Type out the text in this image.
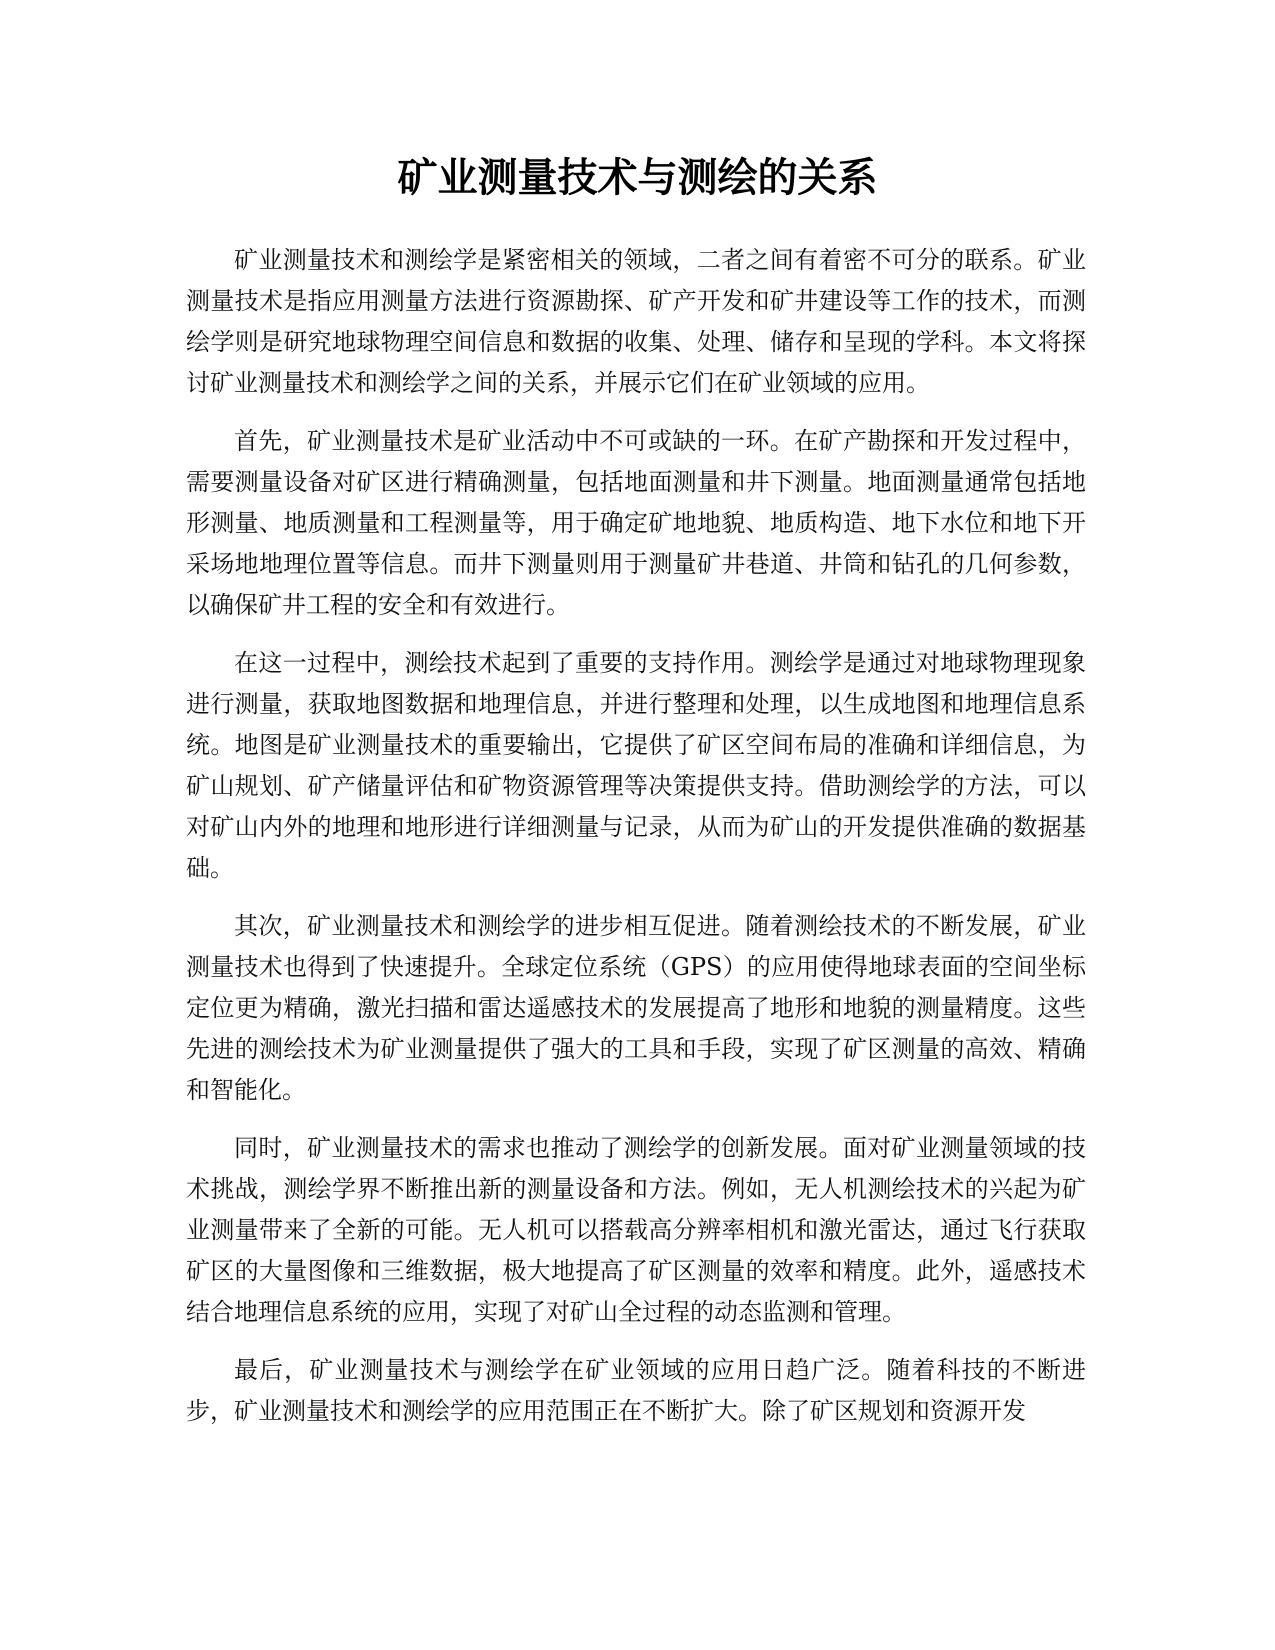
矿业测量技术与测绘的关系

矿业测量技术和测绘学是紧密相关的领域，二者之间有着密不可分的联系。矿业测量技术是指应用测量方法进行资源勘探、矿产开发和矿井建设等工作的技术，而测绘学则是研究地球物理空间信息和数据的收集、处理、储存和呈现的学科。本文将探讨矿业测量技术和测绘学之间的关系，并展示它们在矿业领域的应用。

首先，矿业测量技术是矿业活动中不可或缺的一环。在矿产勘探和开发过程中，需要测量设备对矿区进行精确测量，包括地面测量和井下测量。地面测量通常包括地形测量、地质测量和工程测量等，用于确定矿地地貌、地质构造、地下水位和地下开采场地地理位置等信息。而井下测量则用于测量矿井巷道、井筒和钻孔的几何参数，以确保矿井工程的安全和有效进行。

在这一过程中，测绘技术起到了重要的支持作用。测绘学是通过对地球物理现象进行测量，获取地图数据和地理信息，并进行整理和处理，以生成地图和地理信息系统。地图是矿业测量技术的重要输出，它提供了矿区空间布局的准确和详细信息，为矿山规划、矿产储量评估和矿物资源管理等决策提供支持。借助测绘学的方法，可以对矿山内外的地理和地形进行详细测量与记录，从而为矿山的开发提供准确的数据基础。

其次，矿业测量技术和测绘学的进步相互促进。随着测绘技术的不断发展，矿业测量技术也得到了快速提升。全球定位系统（GPS）的应用使得地球表面的空间坐标定位更为精确，激光扫描和雷达遥感技术的发展提高了地形和地貌的测量精度。这些先进的测绘技术为矿业测量提供了强大的工具和手段，实现了矿区测量的高效、精确和智能化。

同时，矿业测量技术的需求也推动了测绘学的创新发展。面对矿业测量领域的技术挑战，测绘学界不断推出新的测量设备和方法。例如，无人机测绘技术的兴起为矿业测量带来了全新的可能。无人机可以搭载高分辨率相机和激光雷达，通过飞行获取矿区的大量图像和三维数据，极大地提高了矿区测量的效率和精度。此外，遥感技术结合地理信息系统的应用，实现了对矿山全过程的动态监测和管理。

最后，矿业测量技术与测绘学在矿业领域的应用日趋广泛。随着科技的不断进步，矿业测量技术和测绘学的应用范围正在不断扩大。除了矿区规划和资源开发
